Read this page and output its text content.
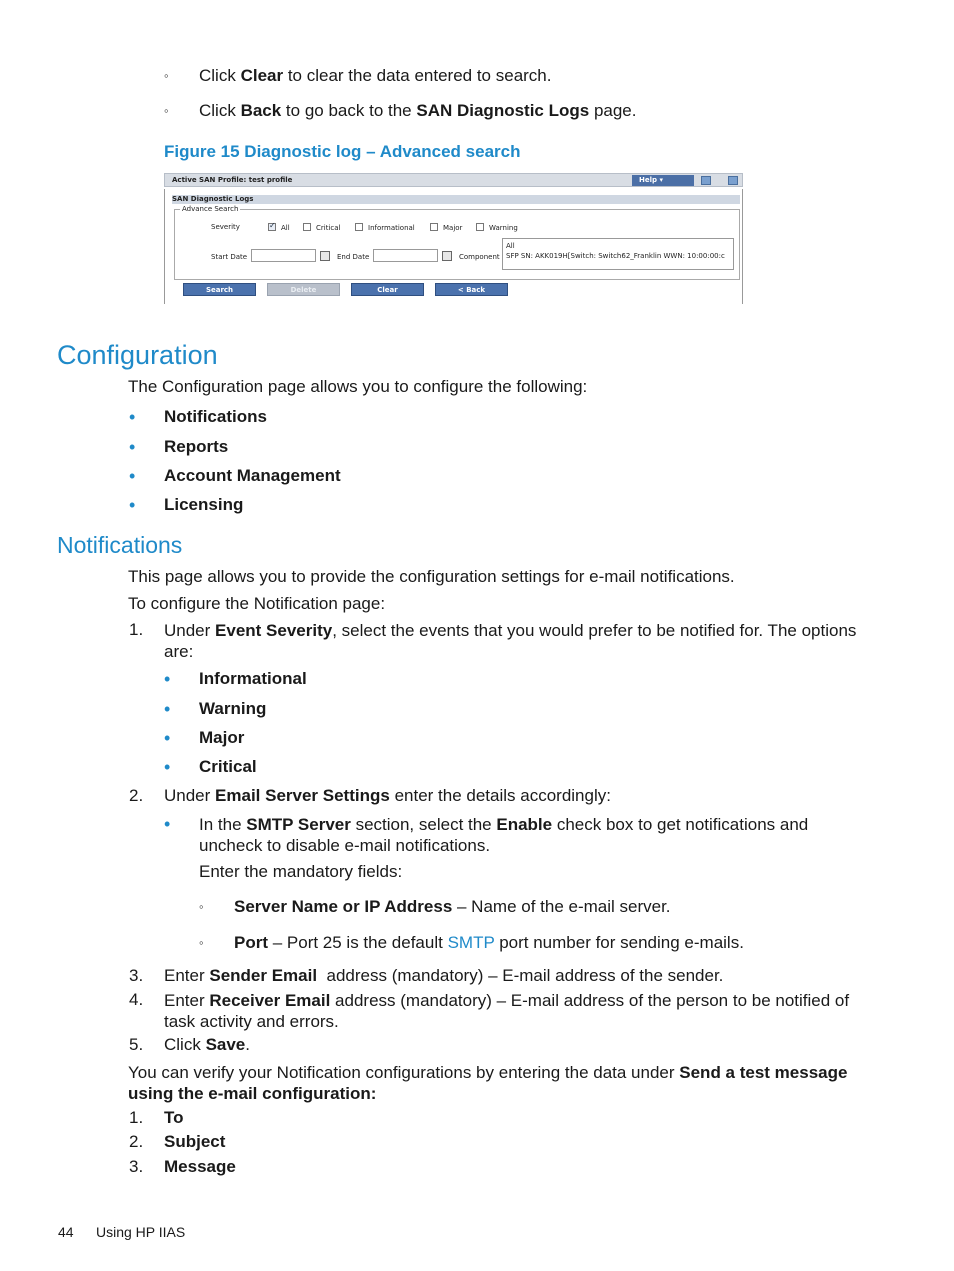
◦ Click Clear to clear the data entered to search.
◦ Click Back to go back to the SAN Diagnostic Logs page.
Figure 15 Diagnostic log – Advanced search
Active SAN Profile: test profile	Help ▾
SAN Diagnostic Logs
Advance Search
Severity
✓	All	Critical	Informational	Major	Warning
Start Date	End Date	Component
All
SFP SN: AKK019H[Switch: Switch62_Franklin WWN: 10:00:00:c
Search	Delete	Clear	< Back
Configuration
The Configuration page allows you to configure the following:
• Notifications
• Reports
• Account Management
• Licensing
Notifications
This page allows you to provide the configuration settings for e-mail notifications.
To configure the Notification page:
1. Under Event Severity, select the events that you would prefer to be notified for. The options are:
• Informational
• Warning
• Major
• Critical
2. Under Email Server Settings enter the details accordingly:
• In the SMTP Server section, select the Enable check box to get notifications and uncheck to disable e-mail notifications.
Enter the mandatory fields:
◦ Server Name or IP Address – Name of the e-mail server.
◦ Port – Port 25 is the default SMTP port number for sending e-mails.
3. Enter Sender Email  address (mandatory) – E-mail address of the sender.
4. Enter Receiver Email address (mandatory) – E-mail address of the person to be notified of task activity and errors.
5. Click Save.
You can verify your Notification configurations by entering the data under Send a test message using the e-mail configuration:
1. To
2. Subject
3. Message
44 Using HP IIAS
